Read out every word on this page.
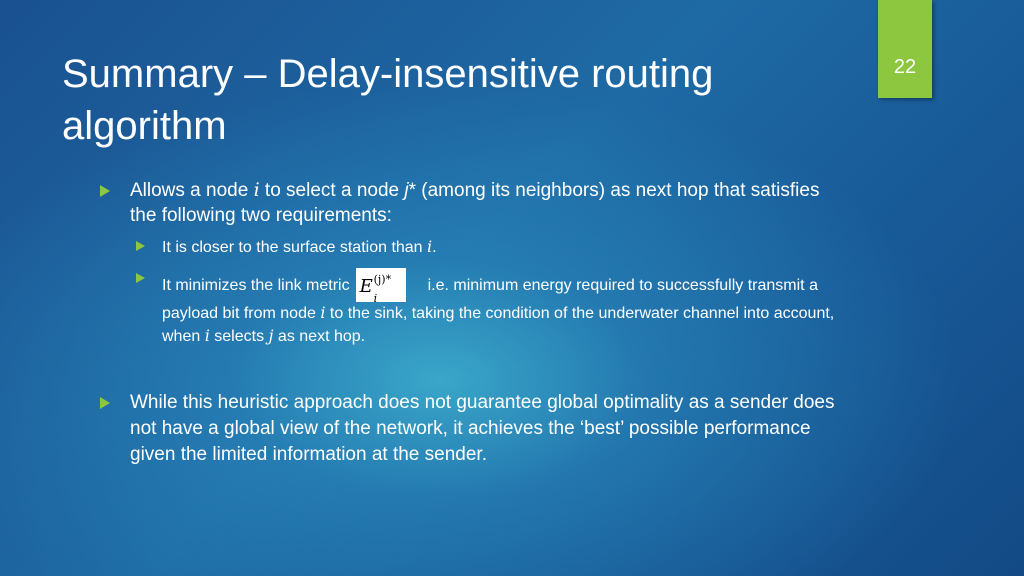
22
Summary – Delay-insensitive routing algorithm
Allows a node i to select a node j* (among its neighbors) as next hop that satisfies the following two requirements:
It is closer to the surface station than i.
It minimizes the link metric E (j)*
i
i.e. minimum energy required to successfully transmit a payload bit from node i to the sink, taking the condition of the underwater channel into account, when i selects j as next hop.
While this heuristic approach does not guarantee global optimality as a sender does not have a global view of the network, it achieves the ‘best’ possible performance given the limited information at the sender.
